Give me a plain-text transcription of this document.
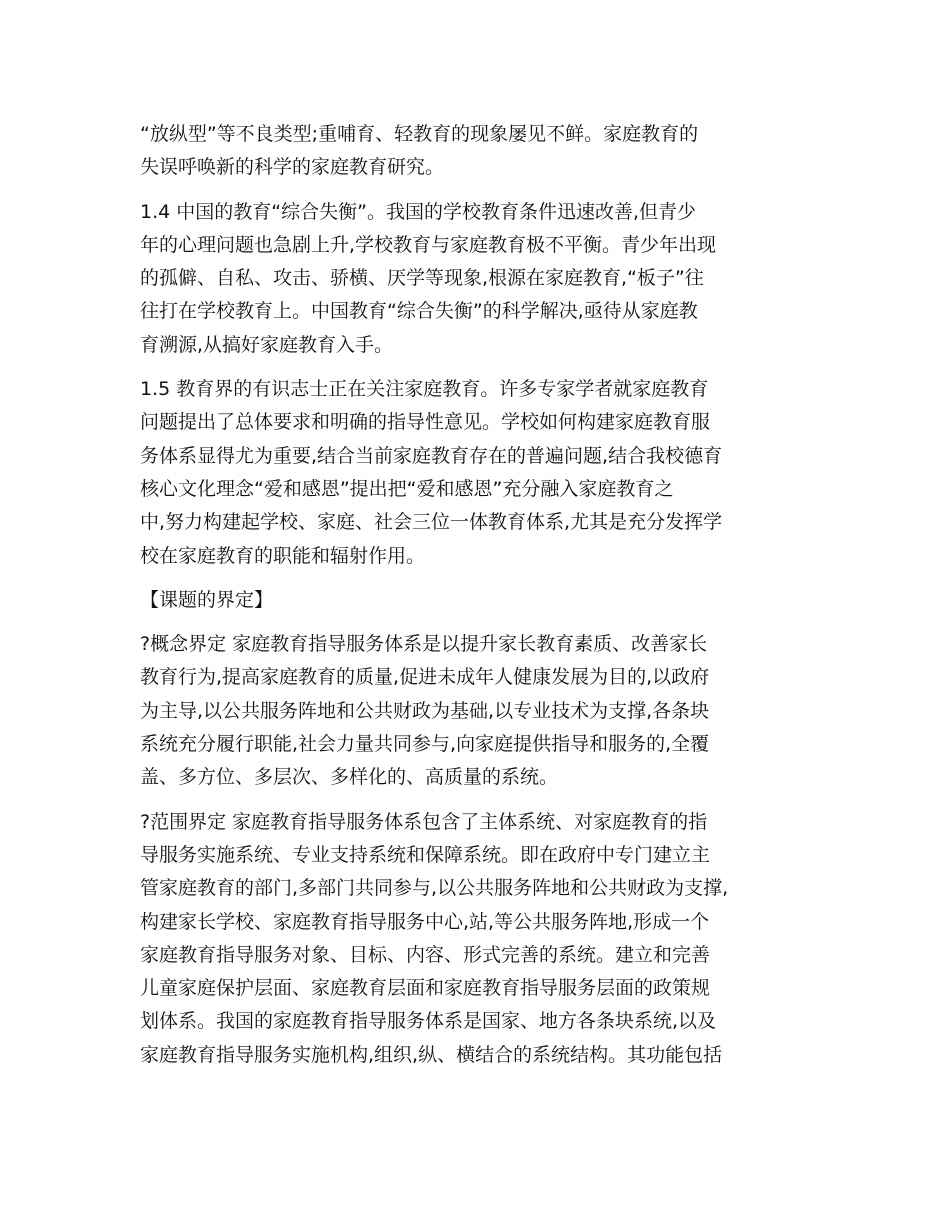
“放纵型”等不良类型;重哺育、轻教育的现象屡见不鲜。家庭教育的
失误呼唤新的科学的家庭教育研究。

1.4 中国的教育“综合失衡”。我国的学校教育条件迅速改善,但青少
年的心理问题也急剧上升,学校教育与家庭教育极不平衡。青少年出现
的孤僻、自私、攻击、骄横、厌学等现象,根源在家庭教育,“板子”往
往打在学校教育上。中国教育“综合失衡”的科学解决,亟待从家庭教
育溯源,从搞好家庭教育入手。

1.5 教育界的有识志士正在关注家庭教育。许多专家学者就家庭教育
问题提出了总体要求和明确的指导性意见。学校如何构建家庭教育服
务体系显得尤为重要,结合当前家庭教育存在的普遍问题,结合我校德育
核心文化理念“爱和感恩”提出把“爱和感恩”充分融入家庭教育之
中,努力构建起学校、家庭、社会三位一体教育体系,尤其是充分发挥学
校在家庭教育的职能和辐射作用。

【课题的界定】

?概念界定 家庭教育指导服务体系是以提升家长教育素质、改善家长
教育行为,提高家庭教育的质量,促进未成年人健康发展为目的,以政府
为主导,以公共服务阵地和公共财政为基础,以专业技术为支撑,各条块
系统充分履行职能,社会力量共同参与,向家庭提供指导和服务的,全覆
盖、多方位、多层次、多样化的、高质量的系统。

?范围界定 家庭教育指导服务体系包含了主体系统、对家庭教育的指
导服务实施系统、专业支持系统和保障系统。即在政府中专门建立主
管家庭教育的部门,多部门共同参与,以公共服务阵地和公共财政为支撑,
构建家长学校、家庭教育指导服务中心,站,等公共服务阵地,形成一个
家庭教育指导服务对象、目标、内容、形式完善的系统。建立和完善
儿童家庭保护层面、家庭教育层面和家庭教育指导服务层面的政策规
划体系。我国的家庭教育指导服务体系是国家、地方各条块系统,以及
家庭教育指导服务实施机构,组织,纵、横结合的系统结构。其功能包括
